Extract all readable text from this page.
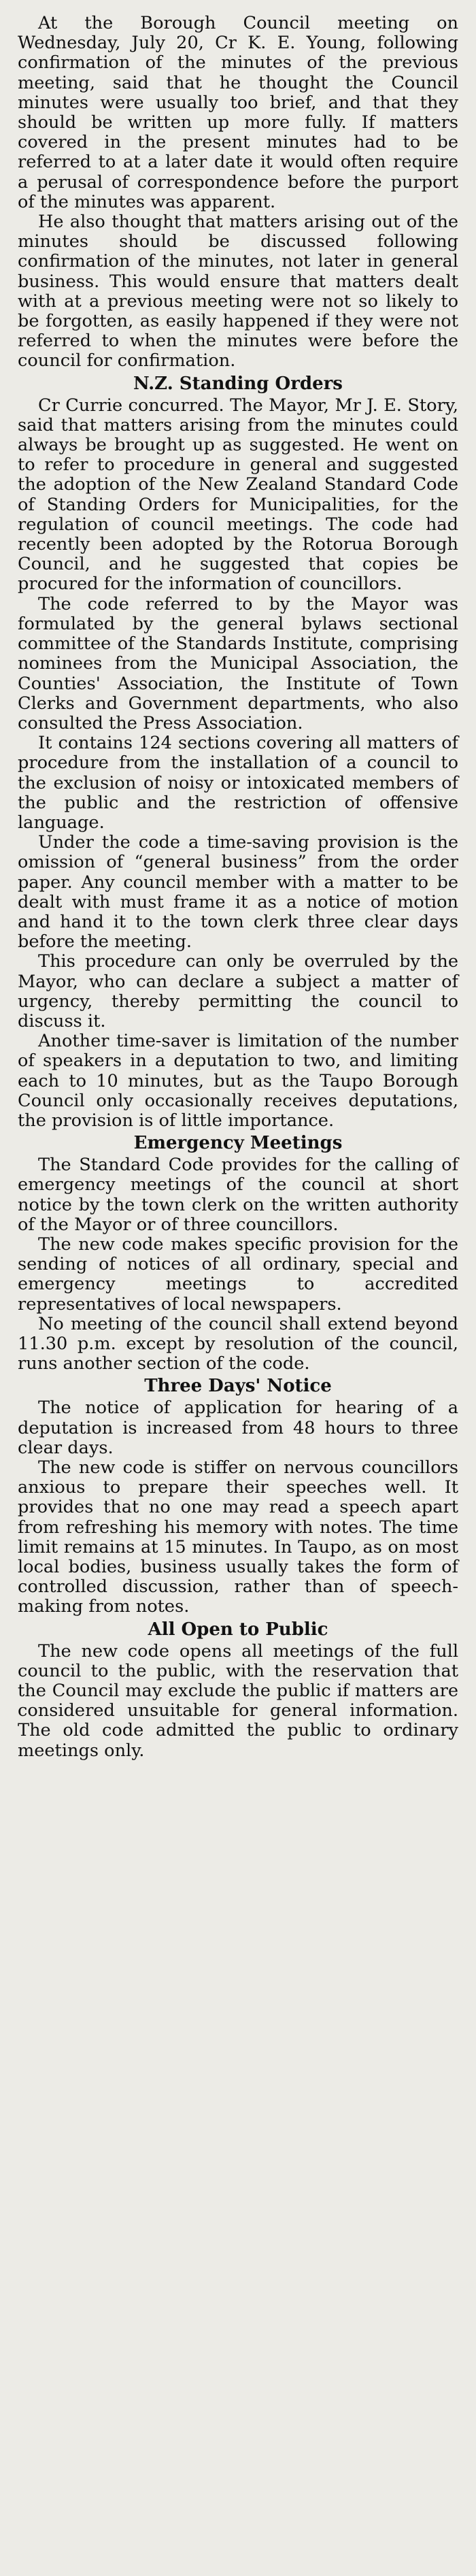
At the Borough Council meeting on Wednesday, July 20, Cr K. E. Young, following confirmation of the minutes of the previous meeting, said that he thought the Council minutes were usually too brief, and that they should be written up more fully. If matters covered in the present minutes had to be referred to at a later date it would often require a perusal of correspondence before the purport of the minutes was apparent.

He also thought that matters arising out of the minutes should be discussed following confirmation of the minutes, not later in general business. This would ensure that matters dealt with at a previous meeting were not so likely to be forgotten, as easily happened if they were not referred to when the minutes were before the council for confirmation.

N.Z. Standing Orders

Cr Currie concurred. The Mayor, Mr J. E. Story, said that matters arising from the minutes could always be brought up as suggested. He went on to refer to procedure in general and suggested the adoption of the New Zealand Standard Code of Standing Orders for Municipalities, for the regulation of council meetings. The code had recently been adopted by the Rotorua Borough Council, and he suggested that copies be procured for the information of councillors.

The code referred to by the Mayor was formulated by the general bylaws sectional committee of the Standards Institute, comprising nominees from the Municipal Association, the Counties' Association, the Institute of Town Clerks and Government departments, who also consulted the Press Association.

It contains 124 sections covering all matters of procedure from the installation of a council to the exclusion of noisy or intoxicated members of the public and the restriction of offensive language.

Under the code a time-saving provision is the omission of “general business” from the order paper. Any council member with a matter to be dealt with must frame it as a notice of motion and hand it to the town clerk three clear days before the meeting.

This procedure can only be overruled by the Mayor, who can declare a subject a matter of urgency, thereby permitting the council to discuss it.

Another time-saver is limitation of the number of speakers in a deputation to two, and limiting each to 10 minutes, but as the Taupo Borough Council only occasionally receives deputations, the provision is of little importance.

Emergency Meetings

The Standard Code provides for the calling of emergency meetings of the council at short notice by the town clerk on the written authority of the Mayor or of three councillors.

The new code makes specific provision for the sending of notices of all ordinary, special and emergency meetings to accredited representatives of local newspapers.

No meeting of the council shall extend beyond 11.30 p.m. except by resolution of the council, runs another section of the code.

Three Days' Notice

The notice of application for hearing of a deputation is increased from 48 hours to three clear days.

The new code is stiffer on nervous councillors anxious to prepare their speeches well. It provides that no one may read a speech apart from refreshing his memory with notes. The time limit remains at 15 minutes. In Taupo, as on most local bodies, business usually takes the form of controlled discussion, rather than of speech-making from notes.

All Open to Public

The new code opens all meetings of the full council to the public, with the reservation that the Council may exclude the public if matters are considered unsuitable for general information. The old code admitted the public to ordinary meetings only.
